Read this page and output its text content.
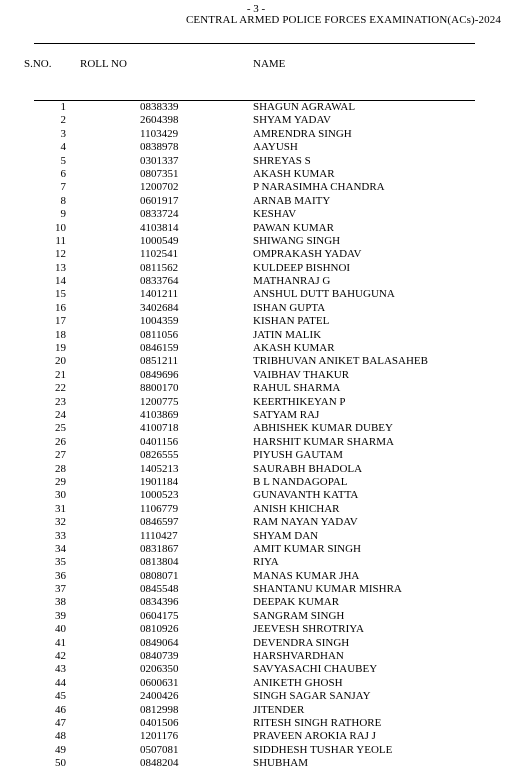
- 3 -
CENTRAL ARMED POLICE FORCES EXAMINATION(ACs)-2024
S.NO.	ROLL NO	NAME
1	0838339	SHAGUN AGRAWAL
2	2604398	SHYAM YADAV
3	1103429	AMRENDRA SINGH
4	0838978	AAYUSH
5	0301337	SHREYAS S
6	0807351	AKASH KUMAR
7	1200702	P NARASIMHA CHANDRA
8	0601917	ARNAB MAITY
9	0833724	KESHAV
10	4103814	PAWAN KUMAR
11	1000549	SHIWANG SINGH
12	1102541	OMPRAKASH YADAV
13	0811562	KULDEEP BISHNOI
14	0833764	MATHANRAJ G
15	1401211	ANSHUL DUTT BAHUGUNA
16	3402684	ISHAN GUPTA
17	1004359	KISHAN PATEL
18	0811056	JATIN MALIK
19	0846159	AKASH KUMAR
20	0851211	TRIBHUVAN ANIKET BALASAHEB
21	0849696	VAIBHAV THAKUR
22	8800170	RAHUL SHARMA
23	1200775	KEERTHIKEYAN P
24	4103869	SATYAM RAJ
25	4100718	ABHISHEK KUMAR DUBEY
26	0401156	HARSHIT KUMAR SHARMA
27	0826555	PIYUSH GAUTAM
28	1405213	SAURABH BHADOLA
29	1901184	B L NANDAGOPAL
30	1000523	GUNAVANTH KATTA
31	1106779	ANISH KHICHAR
32	0846597	RAM NAYAN YADAV
33	1110427	SHYAM DAN
34	0831867	AMIT KUMAR SINGH
35	0813804	RIYA
36	0808071	MANAS KUMAR JHA
37	0845548	SHANTANU KUMAR MISHRA
38	0834396	DEEPAK KUMAR
39	0604175	SANGRAM SINGH
40	0810926	JEEVESH SHROTRIYA
41	0849064	DEVENDRA SINGH
42	0840739	HARSHVARDHAN
43	0206350	SAVYASACHI CHAUBEY
44	0600631	ANIKETH GHOSH
45	2400426	SINGH SAGAR SANJAY
46	0812998	JITENDER
47	0401506	RITESH SINGH RATHORE
48	1201176	PRAVEEN AROKIA RAJ J
49	0507081	SIDDHESH TUSHAR YEOLE
50	0848204	SHUBHAM
